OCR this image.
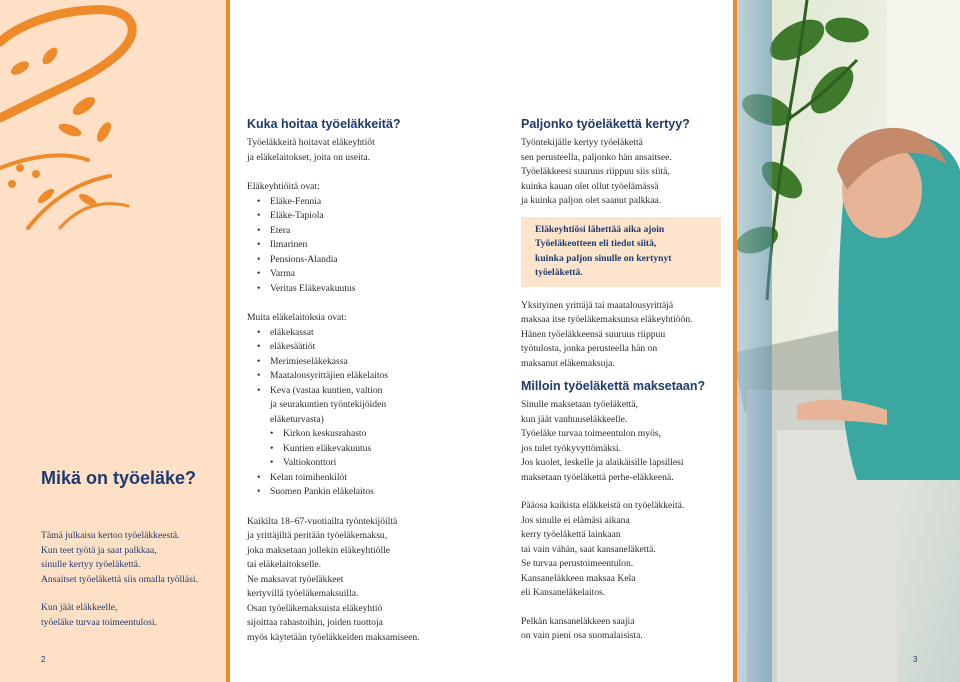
Mikä on työeläke?

Tämä julkaisu kertoo työeläkkeestä.

Kun teet työtä ja saat palkkaa,

sinulle kertyy työeläkettä.

Ansaitset työeläkettä siis omalla työlläsi.

Kun jäät eläkkeelle,

työeläke turvaa toimeentulosi.

2
Kuka hoitaa työeläkkeitä?

Työeläkkeitä hoitavat eläkeyhtiöt

ja eläkelaitokset, joita on useita.

Eläkeyhtiöitä ovat:

• Eläke-Fennia
• Eläke-Tapiola
• Etera
• Ilmarinen
• Pensions-Alandia
• Varma
• Veritas Eläkevakuutus

Muita eläkelaitoksia ovat:

• eläkekassat
• eläkesäätiöt
• Merimieseläkekassa
• Maatalousyrittäjien eläkelaitos
• Keva (vastaa kuntien, valtion
ja seurakuntien työntekijöiden
eläketurvasta)
• Kirkon keskusrahasto
• Kuntien eläkevakuutus
• Valtiokonttori
• Kelan toimihenkilöt
• Suomen Pankin eläkelaitos

Kaikilta 18–67-vuotiailta työntekijöiltä

ja yrittäjiltä peritään työeläkemaksu,

joka maksetaan jollekin eläkeyhtiölle

tai eläkelaitokselle.

Ne maksavat työeläkkeet

kertyvillä työeläkemaksuilla.

Osan työeläkemaksuista eläkeyhtiö

sijoittaa rahastoihin, joiden tuottoja

myös käytetään työeläkkeiden maksamiseen.

Paljonko työeläkettä kertyy?

Työntekijälle kertyy työeläkettä

sen perusteella, paljonko hän ansaitsee.

Työeläkkeesi suuruus riippuu siis siitä,

kuinka kauan olet ollut työelämässä

ja kuinka paljon olet saanut palkkaa.

Eläkeyhtiösi lähettää aika ajoin

Työeläkeotteen eli tiedot siitä,

kuinka paljon sinulle on kertynyt

työeläkettä.

Yksityinen yrittäjä tai maatalousyrittäjä

maksaa itse työeläkemaksunsa eläkeyhtiöön.

Hänen työeläkkeensä suuruus riippuu

työtulosta, jonka perusteella hän on

maksanut eläkemaksuja.

Milloin työeläkettä maksetaan?

Sinulle maksetaan työeläkettä,

kun jäät vanhuuseläkkeelle.

Työeläke turvaa toimeentulon myös,

jos tulet työkyvyttömäksi.

Jos kuolet, leskelle ja alaikäisille lapsillesi

maksetaan työeläkettä perhe-eläkkeenä.

Pääosa kaikista eläkkeistä on työeläkkeitä.

Jos sinulle ei elämäsi aikana

kerry työeläkettä lainkaan

tai vain vähän, saat kansaneläkettä.

Se turvaa perustoimeentulon.

Kansaneläkkeen maksaa Kela

eli Kansaneläkelaitos.

Pelkän kansaneläkkeen saajia

on vain pieni osa suomalaisista.

3
